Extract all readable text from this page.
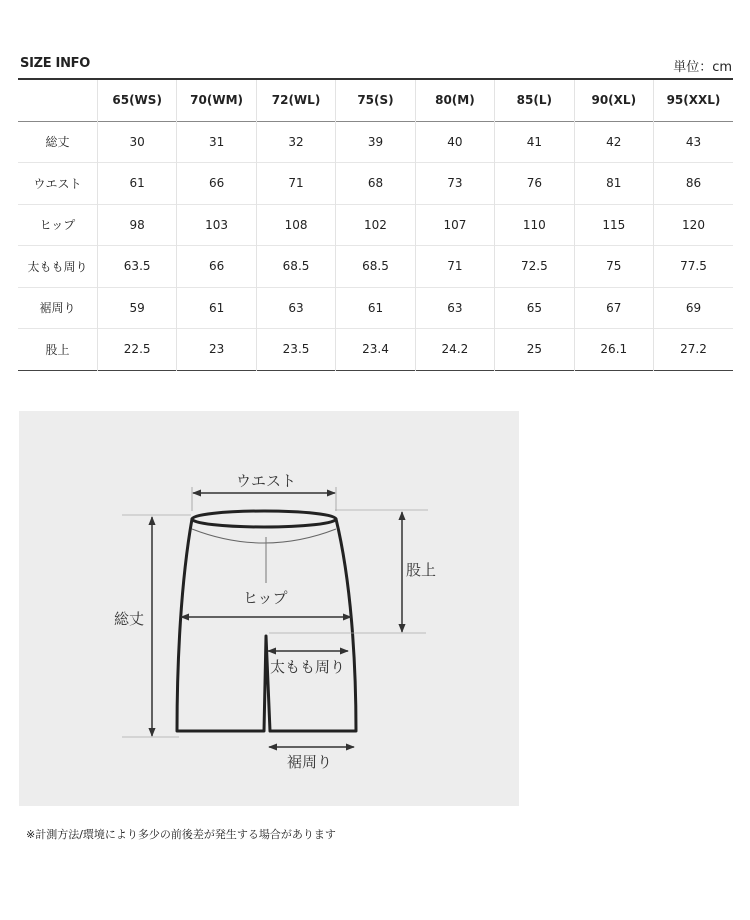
SIZE INFO	単位：cm
	65(WS)	70(WM)	72(WL)	75(S)	80(M)	85(L)	90(XL)	95(XXL)
総丈	30	31	32	39	40	41	42	43
ウエスト	61	66	71	68	73	76	81	86
ヒップ	98	103	108	102	107	110	115	120
太もも周り	63.5	66	68.5	68.5	71	72.5	75	77.5
裾周り	59	61	63	61	63	65	67	69
股上	22.5	23	23.5	23.4	24.2	25	26.1	27.2
ウエスト
ヒップ
総丈
股上
太もも周り
裾周り
※計測方法/環境により多少の前後差が発生する場合があります
